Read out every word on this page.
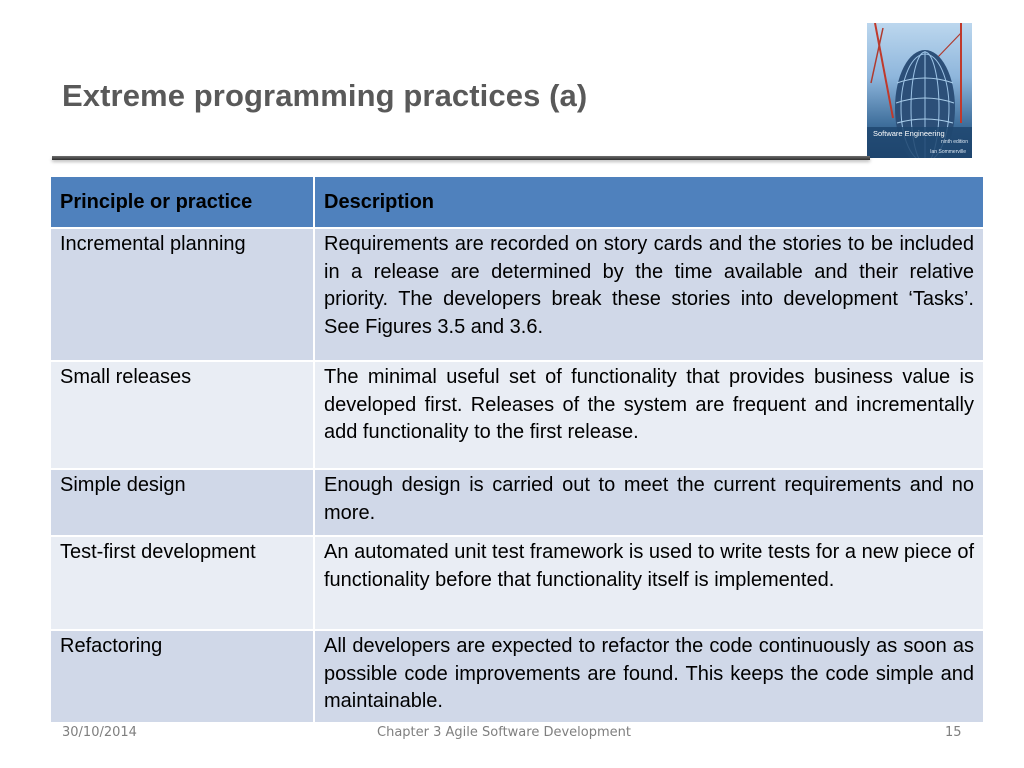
Extreme programming practices (a)
Software Engineering
ninth edition
Ian Sommerville
Principle or practice	Description
Incremental planning	Requirements are recorded on story cards and the stories to be included in a release are determined by the time available and their relative priority. The developers break these stories into development ‘Tasks’. See Figures 3.5 and 3.6.
Small releases	The minimal useful set of functionality that provides business value is developed first. Releases of the system are frequent and incrementally add functionality to the first release.
Simple design	Enough design is carried out to meet the current requirements and no more.
Test-first development	An automated unit test framework is used to write tests for a new piece of functionality before that functionality itself is implemented.
Refactoring	All developers are expected to refactor the code continuously as soon as possible code improvements are found. This keeps the code simple and maintainable.
30/10/2014	Chapter 3 Agile Software Development	15
